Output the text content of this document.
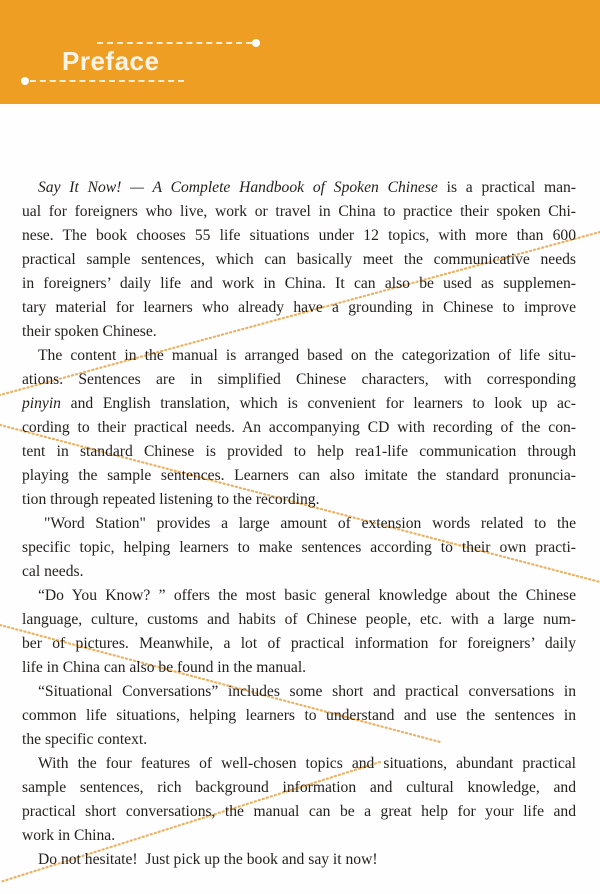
Preface
Say It Now! — A Complete Handbook of Spoken Chinese is a practical man-
ual for foreigners who live, work or travel in China to practice their spoken Chi-
nese. The book chooses 55 life situations under 12 topics, with more than 600
practical sample sentences, which can basically meet the communicative needs
in foreigners’ daily life and work in China. It can also be used as supplemen-
tary material for learners who already have a grounding in Chinese to improve
their spoken Chinese.
The content in the manual is arranged based on the categorization of life situ-
ations. Sentences are in simplified Chinese characters, with corresponding
pinyin and English translation, which is convenient for learners to look up ac-
cording to their practical needs. An accompanying CD with recording of the con-
tent in standard Chinese is provided to help rea1-life communication through
playing the sample sentences. Learners can also imitate the standard pronuncia-
tion through repeated listening to the recording.
"Word Station" provides a large amount of extension words related to the
specific topic, helping learners to make sentences according to their own practi-
cal needs.
“Do You Know? ” offers the most basic general knowledge about the Chinese
language, culture, customs and habits of Chinese people, etc. with a large num-
ber of pictures. Meanwhile, a lot of practical information for foreigners’ daily
life in China can also be found in the manual.
“Situational Conversations” includes some short and practical conversations in
common life situations, helping learners to understand and use the sentences in
the specific context.
With the four features of well-chosen topics and situations, abundant practical
sample sentences, rich background information and cultural knowledge, and
practical short conversations, the manual can be a great help for your life and
work in China.
Do not hesitate!  Just pick up the book and say it now!
